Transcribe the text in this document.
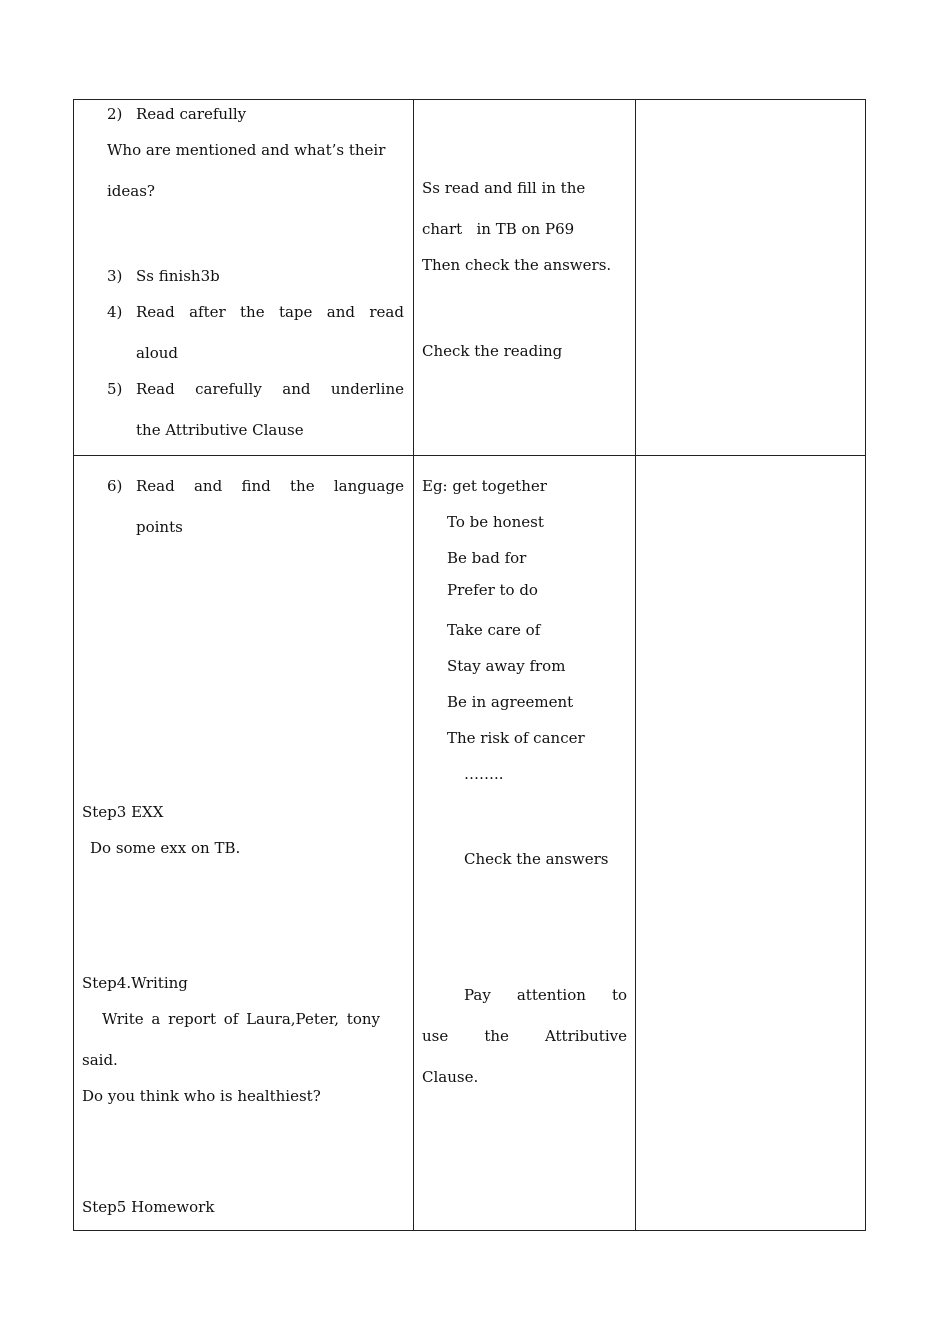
2) Read carefully
Who are mentioned and what’s their
ideas?
3) Ss finish3b
4) Read after the tape and read
aloud
5) Read carefully and underline
the Attributive Clause
Ss read and fill in the
chart   in TB on P69
Then check the answers.
Check the reading
6) Read and find the language
points
Step3 EXX
Do some exx on TB.
Step4.Writing
Write a report of Laura,Peter, tony
said.
Do you think who is healthiest?
Step5 Homework
Eg: get together
To be honest
Be bad for
Prefer to do
Take care of
Stay away from
Be in agreement
The risk of cancer
……..
Check the answers
Pay attention to
use the Attributive
Clause.
